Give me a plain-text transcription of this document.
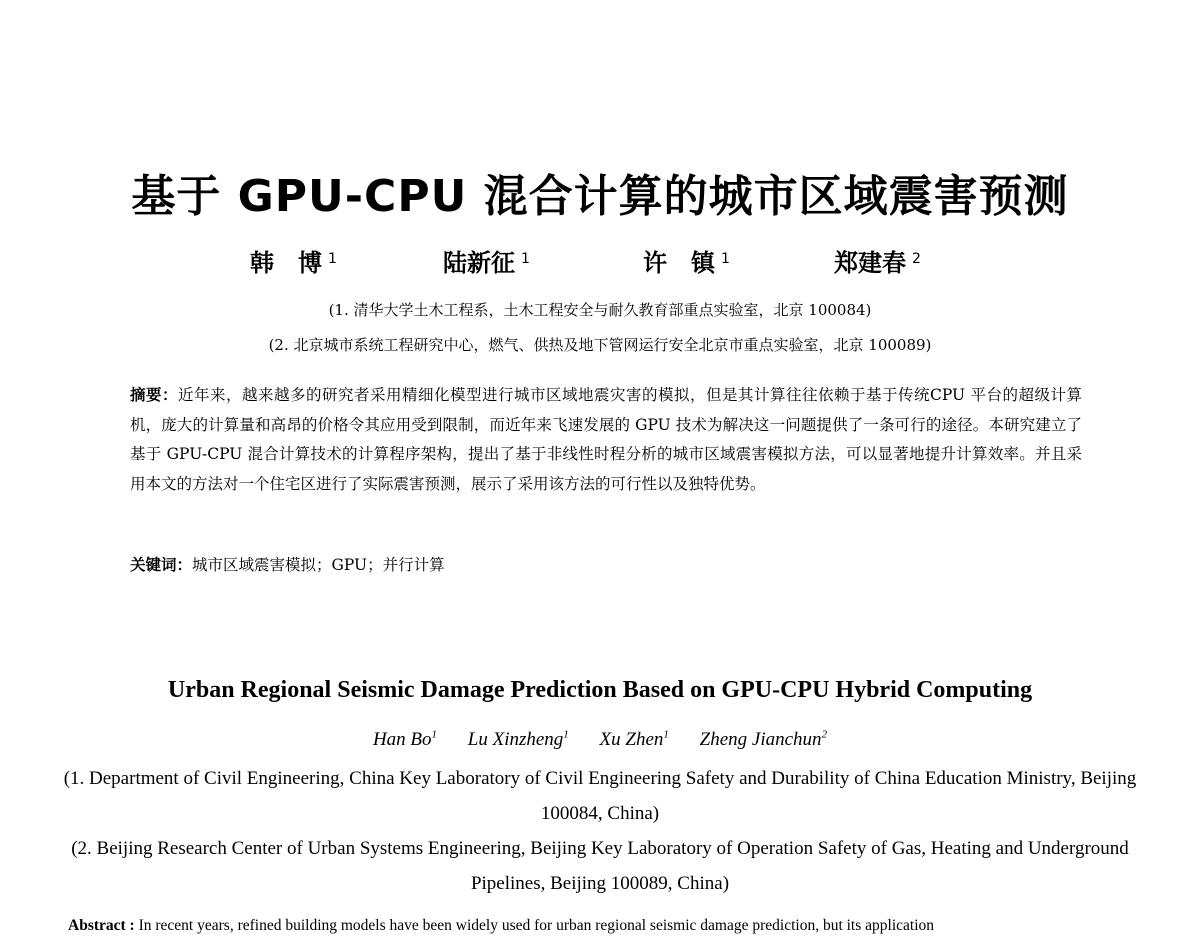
基于 GPU-CPU 混合计算的城市区域震害预测
韩　博 $^1$	陆新征 $^1$	许　镇 $^1$	郑建春 $^2$
(1. 清华大学土木工程系，土木工程安全与耐久教育部重点实验室，北京 100084)
(2. 北京城市系统工程研究中心，燃气、供热及地下管网运行安全北京市重点实验室，北京 100089)
摘要：近年来，越来越多的研究者采用精细化模型进行城市区域地震灾害的模拟，但是其计算往往依赖于基于传统CPU 平台的超级计算机，庞大的计算量和高昂的价格令其应用受到限制，而近年来飞速发展的 GPU 技术为解决这一问题提供了一条可行的途径。本研究建立了基于 GPU-CPU 混合计算技术的计算程序架构，提出了基于非线性时程分析的城市区域震害模拟方法，可以显著地提升计算效率。并且采用本文的方法对一个住宅区进行了实际震害预测，展示了采用该方法的可行性以及独特优势。
关键词：城市区域震害模拟；GPU；并行计算
Urban Regional Seismic Damage Prediction Based on GPU-CPU Hybrid Computing
Han Bo$^1$ Lu Xinzheng$^1$ Xu Zhen$^1$ Zheng Jianchun$^2$
(1. Department of Civil Engineering, China Key Laboratory of Civil Engineering Safety and Durability of China Education Ministry, Beijing 100084, China)
(2. Beijing Research Center of Urban Systems Engineering, Beijing Key Laboratory of Operation Safety of Gas, Heating and Underground Pipelines, Beijing 100089, China)
Abstract : In recent years, refined building models have been widely used for urban regional seismic damage prediction, but its application
